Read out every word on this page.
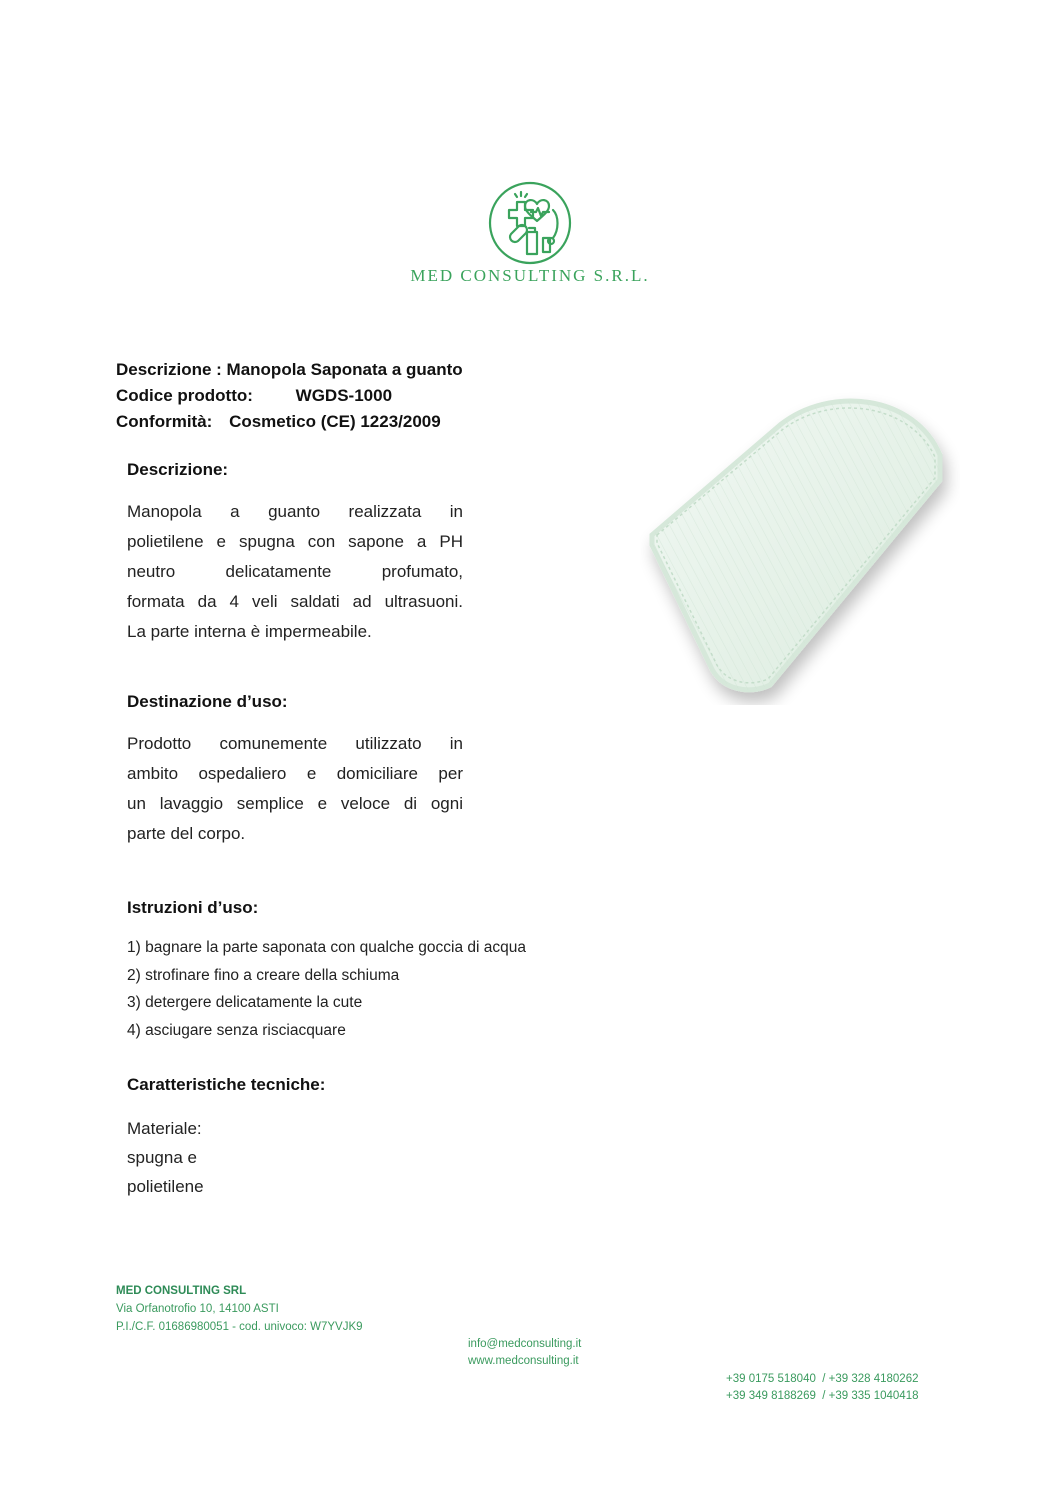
MED CONSULTING S.R.L.
Descrizione : Manopola Saponata a guanto
Codice prodotto:	WGDS-1000
Conformità: Cosmetico (CE) 1223/2009
Descrizione:
Manopola a guanto realizzata in
polietilene e spugna con sapone a PH
neutro delicatamente profumato,
formata da 4 veli saldati ad ultrasuoni.
La parte interna è impermeabile.
Destinazione d’uso:
Prodotto comunemente utilizzato in
ambito ospedaliero e domiciliare per
un lavaggio semplice e veloce di ogni
parte del corpo.
Istruzioni d’uso:
1) bagnare la parte saponata con qualche goccia di acqua
2) strofinare fino a creare della schiuma
3) detergere delicatamente la cute
4) asciugare senza risciacquare
Caratteristiche tecniche:
Materiale:
spugna e
polietilene
MED CONSULTING SRL
Via Orfanotrofio 10, 14100 ASTI
P.I./C.F. 01686980051 - cod. univoco: W7YVJK9
info@medconsulting.it
www.medconsulting.it
+39 0175 518040  / +39 328 4180262
+39 349 8188269  / +39 335 1040418
